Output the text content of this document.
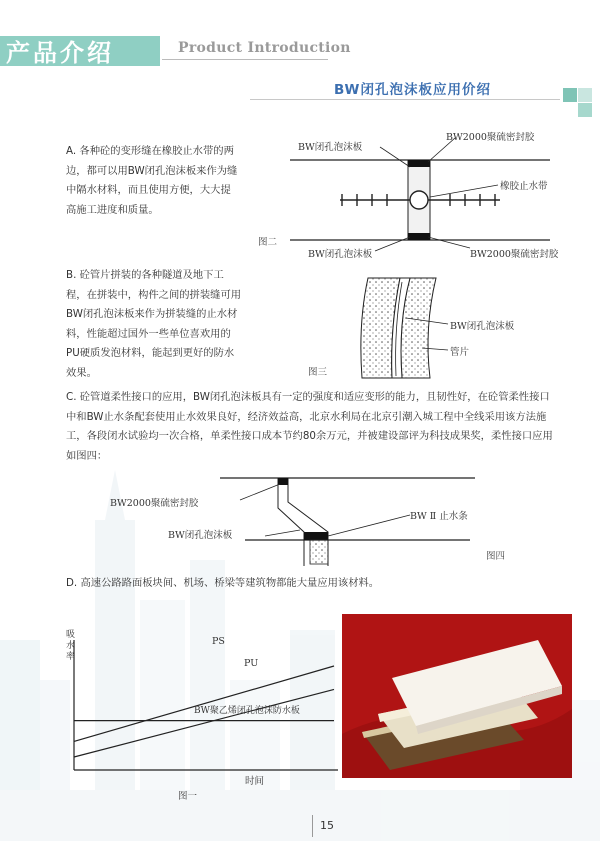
产品介绍	Product Introduction
BW闭孔泡沫板应用价绍
A. 各种砼的变形缝在橡胶止水带的两边，都可以用BW闭孔泡沫板来作为缝中隔水材料，而且使用方便，大大提高施工进度和质量。
B. 砼管片拼装的各种隧道及地下工程，在拼装中，构件之间的拼装缝可用BW闭孔泡沫板来作为拼装缝的止水材料，性能超过国外一些单位喜欢用的PU硬质发泡材料，能起到更好的防水效果。
C. 砼管道柔性接口的应用，BW闭孔泡沫板具有一定的强度和适应变形的能力，且韧性好，在砼管柔性接口中和BW止水条配套使用止水效果良好，经济效益高，北京水利局在北京引潮入城工程中全线采用该方法施工，各段闭水试验均一次合格，单柔性接口成本节约80余万元，并被建设部评为科技成果奖，柔性接口应用如图四：
D. 高速公路路面板块间、机场、桥梁等建筑物都能大量应用该材料。
BW闭孔泡沫板
BW2000聚硫密封胶
橡胶止水带
BW闭孔泡沫板	BW2000聚硫密封胶
图二
BW闭孔泡沫板
管片
图三
BW2000聚硫密封胶
BW闭孔泡沫板
BW Ⅱ 止水条
图四
吸水率
PS
PU
BW聚乙烯闭孔泡沫防水板
时间
图一
15
